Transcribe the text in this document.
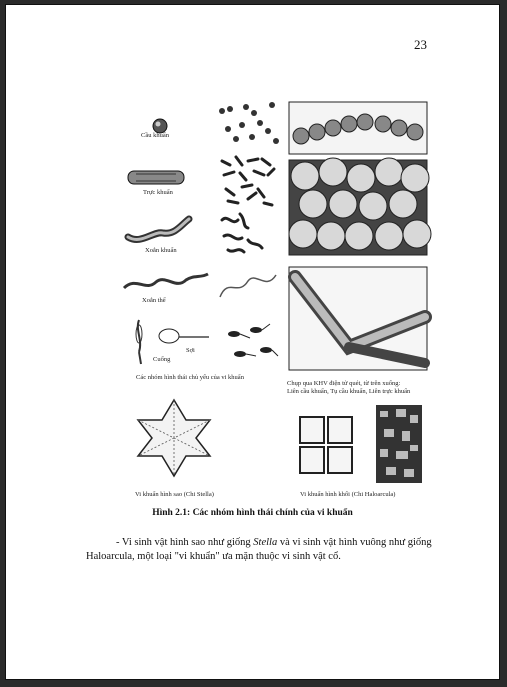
23
Cầu khuẩn
Trực khuẩn
Xoắn khuẩn
Xoắn thể
Sợi
Cuống
Các nhóm hình thái chủ yếu của vi khuẩn
Chụp qua KHV điện tử quét, từ trên xuống:
Liên cầu khuẩn, Tụ cầu khuẩn, Liên trực khuẩn
Vi khuẩn hình sao (Chi Stella)	Vi khuẩn hình khối (Chi Haloarcula)
Hình 2.1: Các nhóm hình thái chính của vi khuẩn
- Vi sinh vật hình sao như giống Stella và vi sinh vật hình vuông như giống Haloarcula, một loại "vi khuẩn" ưa mặn thuộc vi sinh vật cổ.
